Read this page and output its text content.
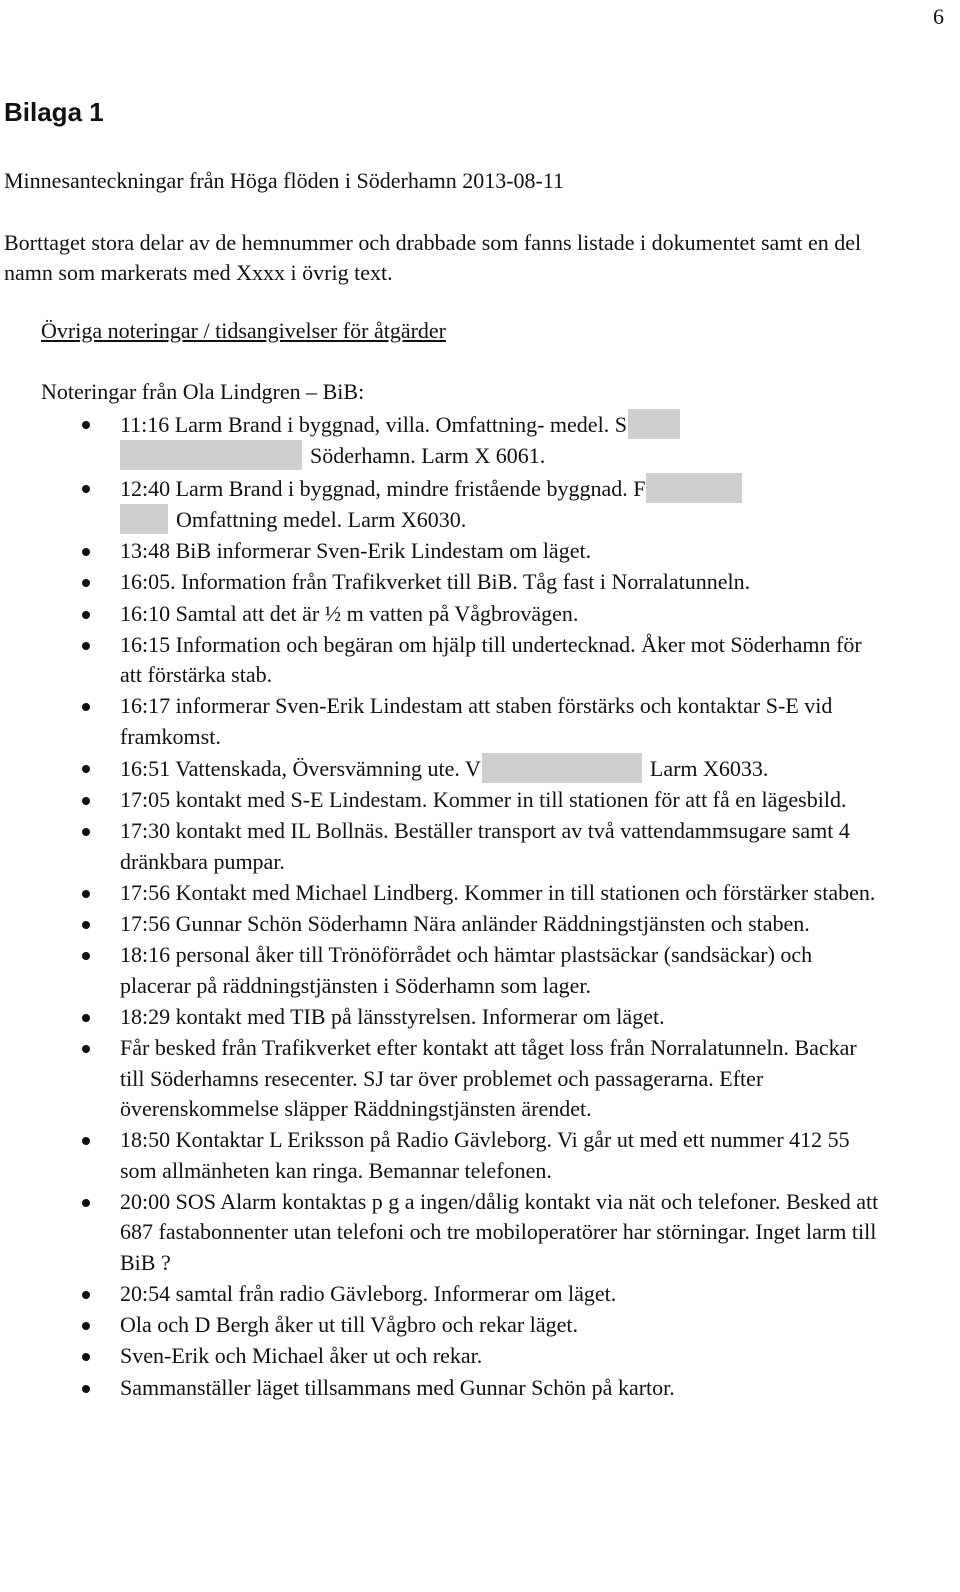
6
Bilaga 1

Minnesanteckningar från Höga flöden i Söderhamn 2013-08-11

Borttaget stora delar av de hemnummer och drabbade som fanns listade i dokumentet samt en del namn som markerats med Xxxx i övrig text.

Övriga noteringar / tidsangivelser för åtgärder

Noteringar från Ola Lindgren – BiB:

11:16 Larm Brand i byggnad, villa. Omfattning- medel. S
Söderhamn. Larm X 6061.
12:40 Larm Brand i byggnad, mindre fristående byggnad. F
Omfattning medel. Larm X6030.
13:48 BiB informerar Sven-Erik Lindestam om läget.
16:05. Information från Trafikverket till BiB. Tåg fast i Norralatunneln.
16:10 Samtal att det är ½ m vatten på Vågbrovägen.
16:15 Information och begäran om hjälp till undertecknad. Åker mot Söderhamn för att förstärka stab.
16:17 informerar Sven-Erik Lindestam att staben förstärks och kontaktar S-E vid framkomst.
16:51 Vattenskada, Översvämning ute. V	Larm X6033.
17:05 kontakt med S-E Lindestam. Kommer in till stationen för att få en lägesbild.
17:30 kontakt med IL Bollnäs. Beställer transport av två vattendammsugare samt 4 dränkbara pumpar.
17:56 Kontakt med Michael Lindberg. Kommer in till stationen och förstärker staben.
17:56 Gunnar Schön Söderhamn Nära anländer Räddningstjänsten och staben.
18:16 personal åker till Trönöförrådet och hämtar plastsäckar (sandsäckar) och placerar på räddningstjänsten i Söderhamn som lager.
18:29 kontakt med TIB på länsstyrelsen. Informerar om läget.
Får besked från Trafikverket efter kontakt att tåget loss från Norralatunneln. Backar till Söderhamns resecenter. SJ tar över problemet och passagerarna. Efter överenskommelse släpper Räddningstjänsten ärendet.
18:50 Kontaktar L Eriksson på Radio Gävleborg. Vi går ut med ett nummer 412 55 som allmänheten kan ringa. Bemannar telefonen.
20:00 SOS Alarm kontaktas p g a ingen/dålig kontakt via nät och telefoner. Besked att 687 fastabonnenter utan telefoni och tre mobiloperatörer har störningar. Inget larm till BiB ?
20:54 samtal från radio Gävleborg. Informerar om läget.
Ola och D Bergh åker ut till Vågbro och rekar läget.
Sven-Erik och Michael åker ut och rekar.
Sammanställer läget tillsammans med Gunnar Schön på kartor.
